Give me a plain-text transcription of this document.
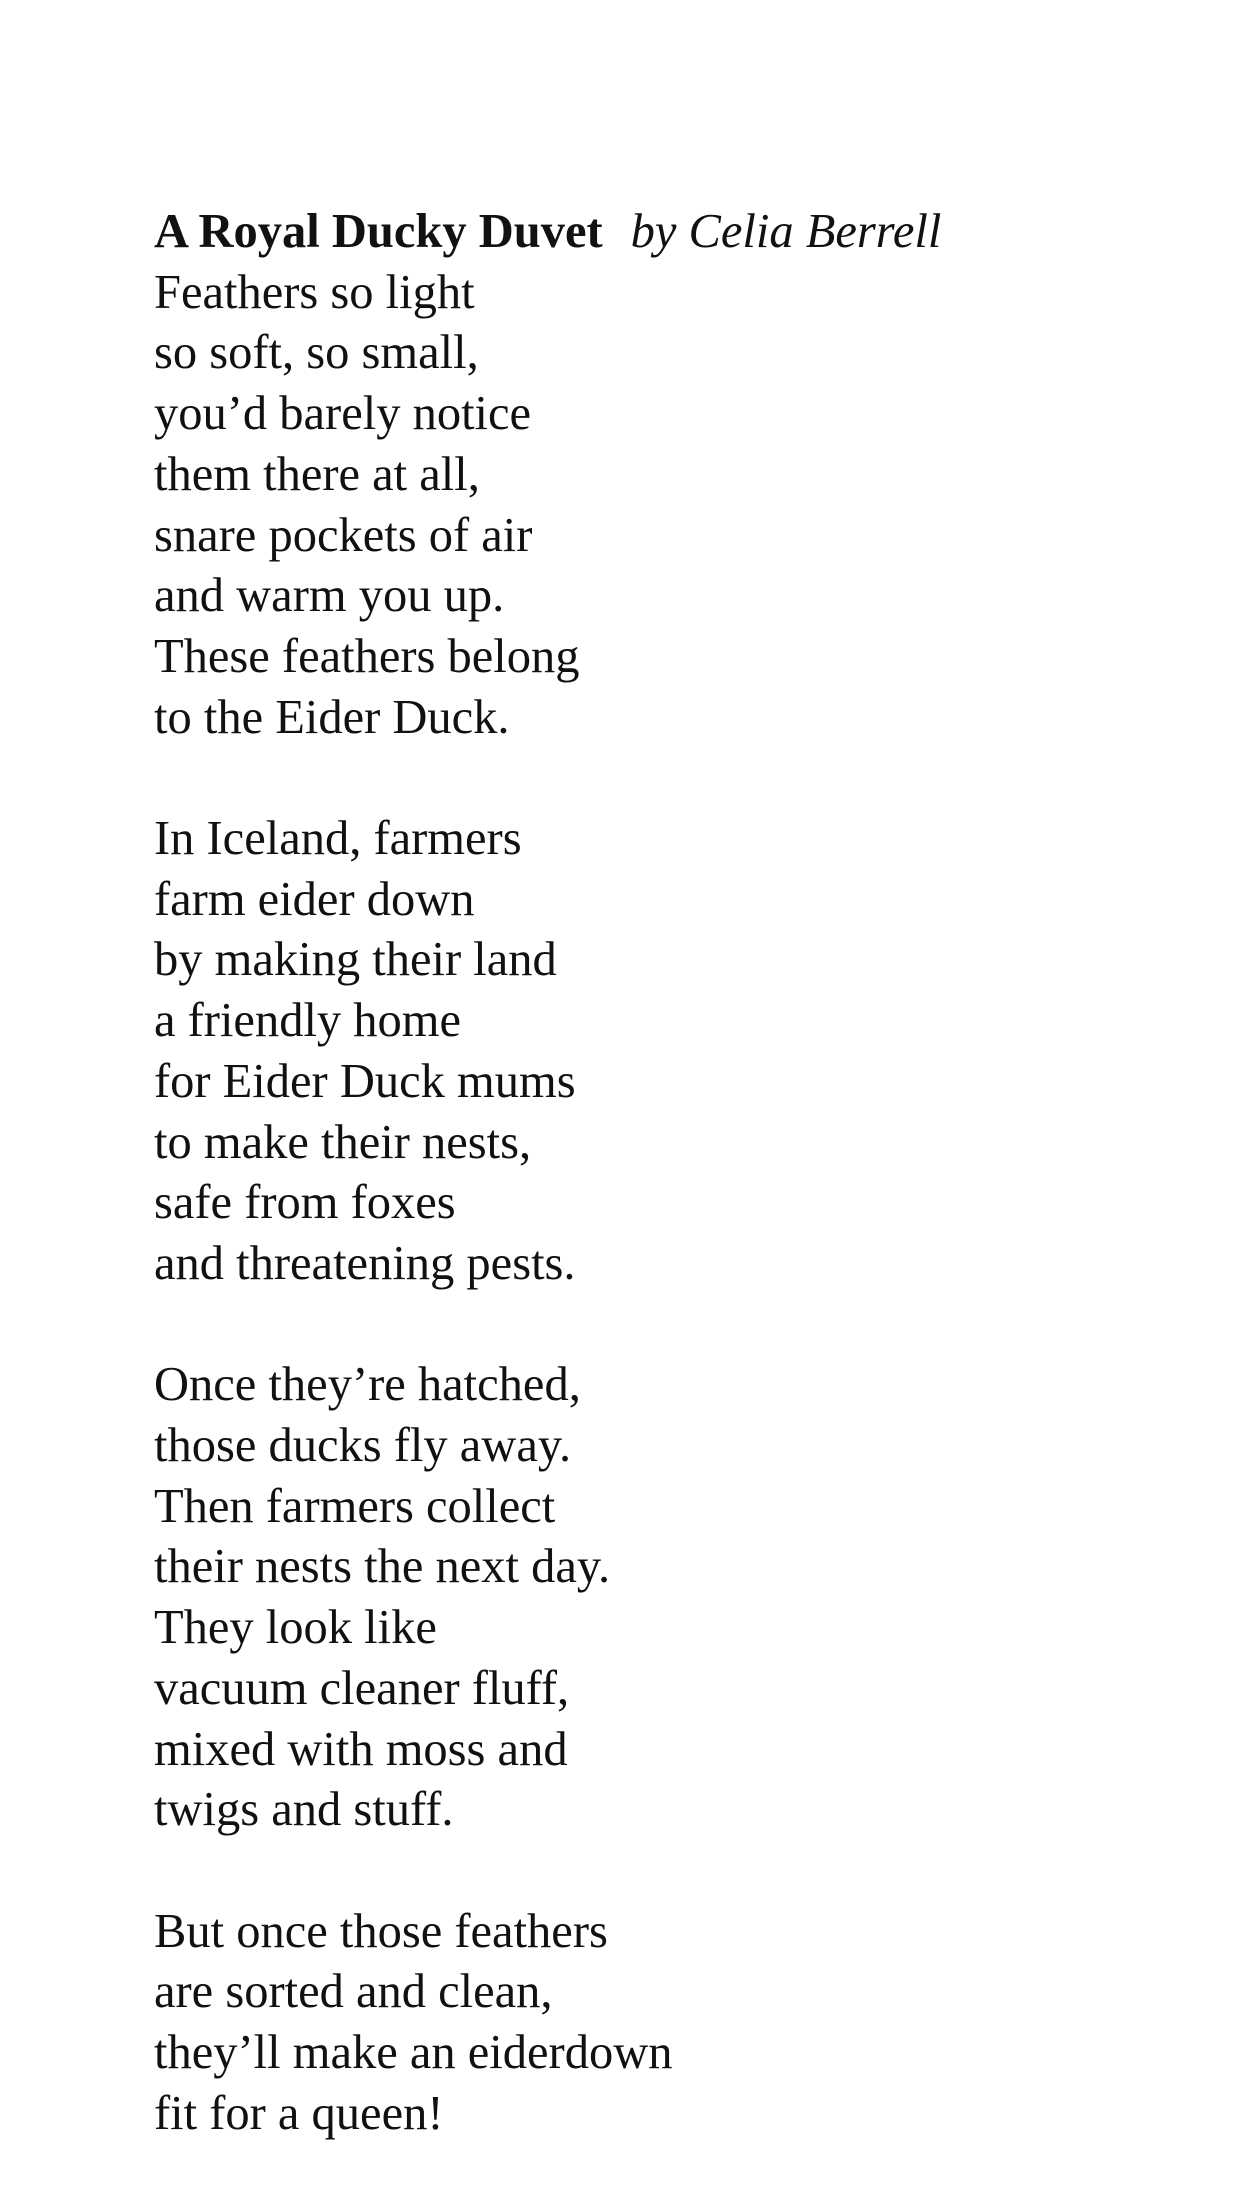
A Royal Ducky Duvet by Celia Berrell
Feathers so light
so soft, so small,
you’d barely notice
them there at all,
snare pockets of air
and warm you up.
These feathers belong
to the Eider Duck.
In Iceland, farmers
farm eider down
by making their land
a friendly home
for Eider Duck mums
to make their nests,
safe from foxes
and threatening pests.
Once they’re hatched,
those ducks fly away.
Then farmers collect
their nests the next day.
They look like
vacuum cleaner fluff,
mixed with moss and
twigs and stuff.
But once those feathers
are sorted and clean,
they’ll make an eiderdown
fit for a queen!
